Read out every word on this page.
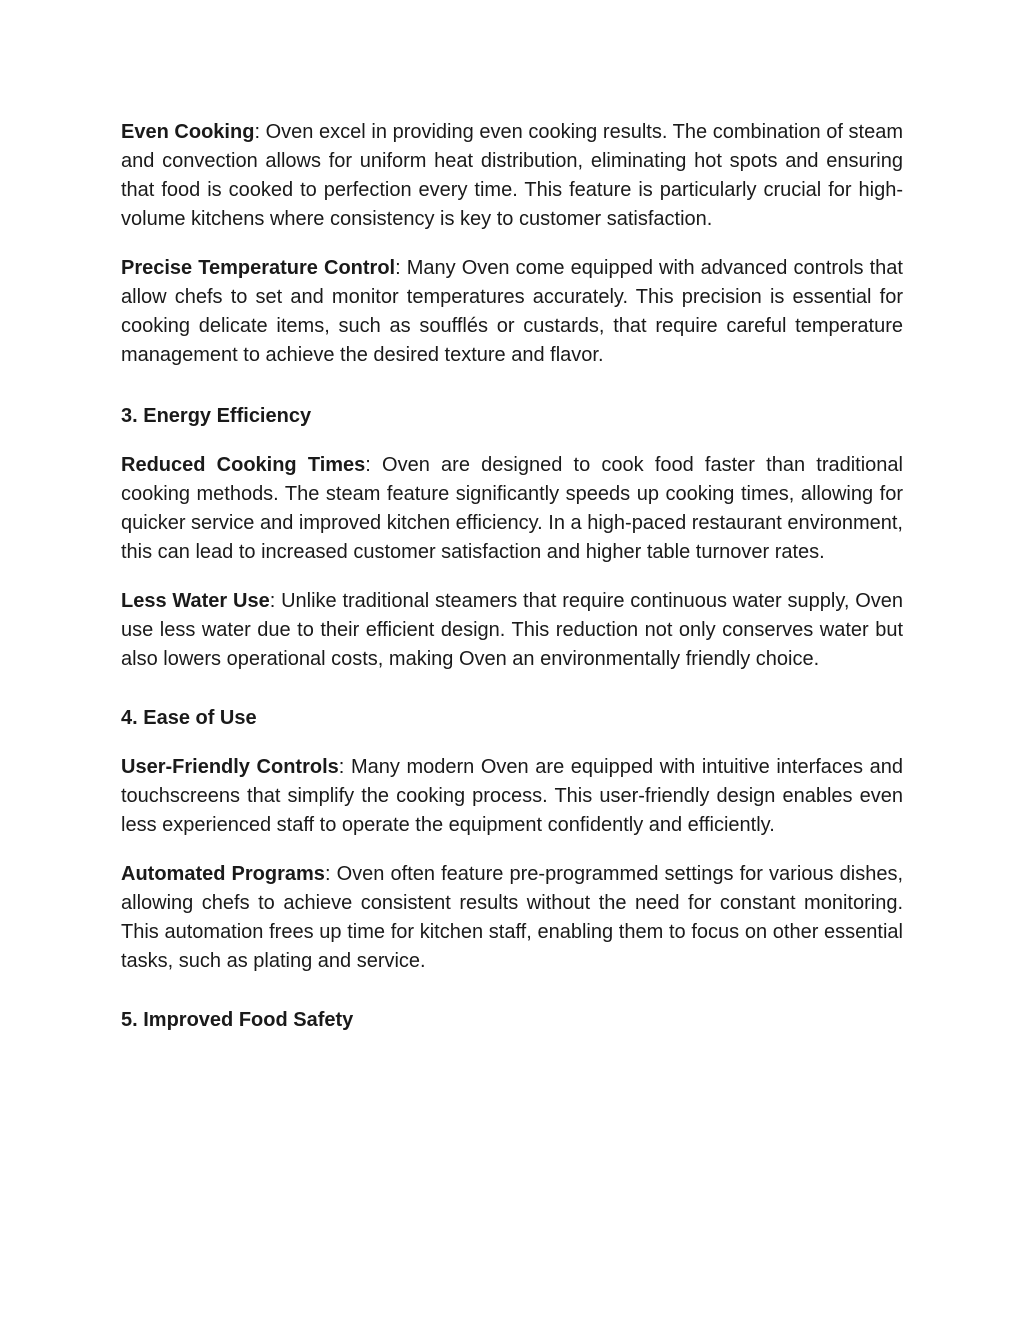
Even Cooking: Oven excel in providing even cooking results. The combination of steam and convection allows for uniform heat distribution, eliminating hot spots and ensuring that food is cooked to perfection every time. This feature is particularly crucial for high-volume kitchens where consistency is key to customer satisfaction.

Precise Temperature Control: Many Oven come equipped with advanced controls that allow chefs to set and monitor temperatures accurately. This precision is essential for cooking delicate items, such as soufflés or custards, that require careful temperature management to achieve the desired texture and flavor.

3. Energy Efficiency

Reduced Cooking Times: Oven are designed to cook food faster than traditional cooking methods. The steam feature significantly speeds up cooking times, allowing for quicker service and improved kitchen efficiency. In a high-paced restaurant environment, this can lead to increased customer satisfaction and higher table turnover rates.

Less Water Use: Unlike traditional steamers that require continuous water supply, Oven use less water due to their efficient design. This reduction not only conserves water but also lowers operational costs, making Oven an environmentally friendly choice.

4. Ease of Use

User-Friendly Controls: Many modern Oven are equipped with intuitive interfaces and touchscreens that simplify the cooking process. This user-friendly design enables even less experienced staff to operate the equipment confidently and efficiently.

Automated Programs: Oven often feature pre-programmed settings for various dishes, allowing chefs to achieve consistent results without the need for constant monitoring. This automation frees up time for kitchen staff, enabling them to focus on other essential tasks, such as plating and service.

5. Improved Food Safety
